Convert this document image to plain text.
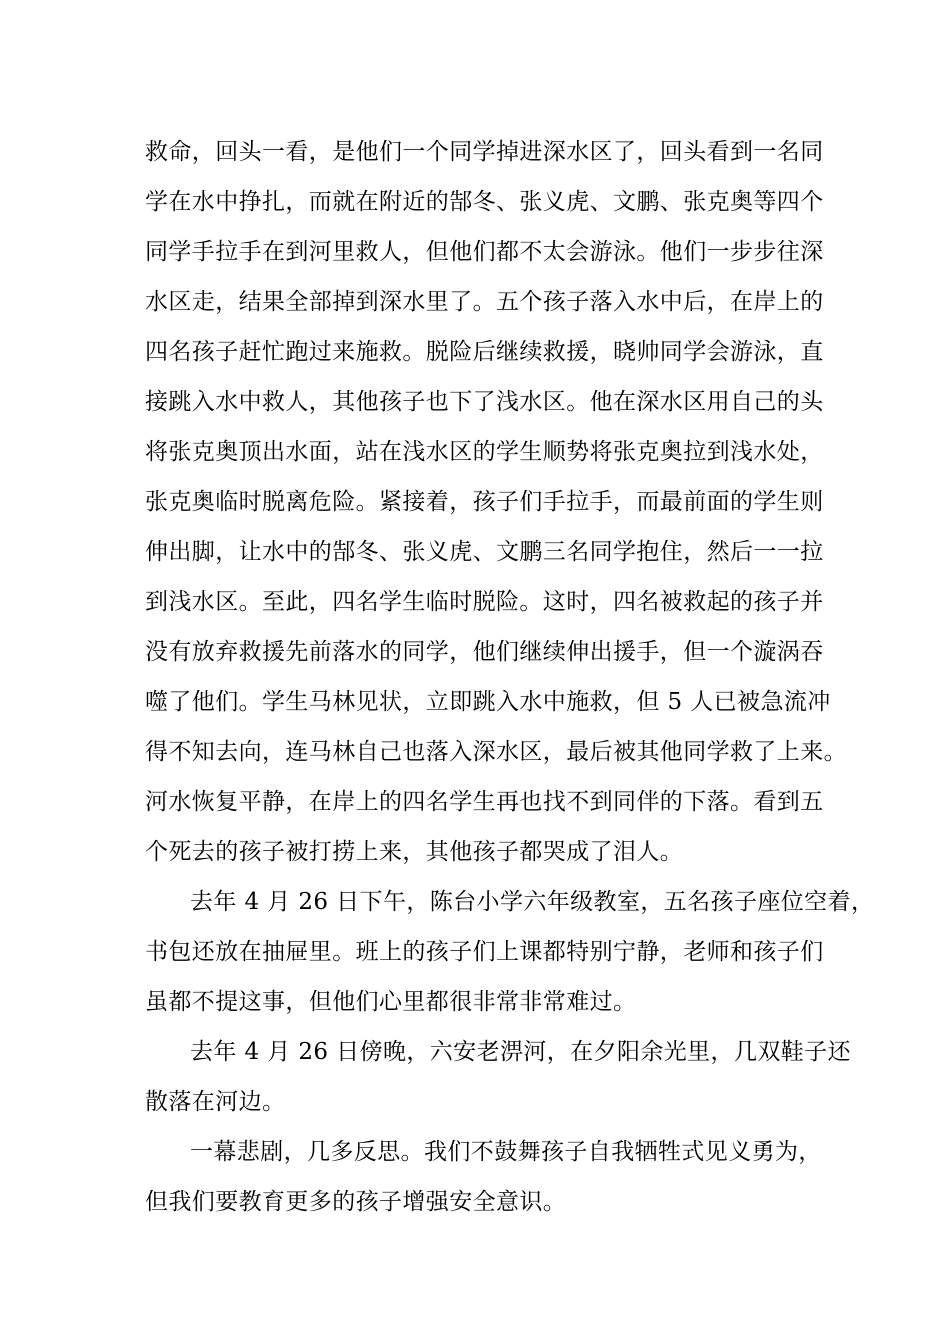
救命，回头一看，是他们一个同学掉进深水区了，回头看到一名同
学在水中挣扎，而就在附近的郜冬、张义虎、文鹏、张克奥等四个
同学手拉手在到河里救人，但他们都不太会游泳。他们一步步往深
水区走，结果全部掉到深水里了。五个孩子落入水中后，在岸上的
四名孩子赶忙跑过来施救。脱险后继续救援，晓帅同学会游泳，直
接跳入水中救人，其他孩子也下了浅水区。他在深水区用自己的头
将张克奥顶出水面，站在浅水区的学生顺势将张克奥拉到浅水处，
张克奥临时脱离危险。紧接着，孩子们手拉手，而最前面的学生则
伸出脚，让水中的郜冬、张义虎、文鹏三名同学抱住，然后一一拉
到浅水区。至此，四名学生临时脱险。这时，四名被救起的孩子并
没有放弃救援先前落水的同学，他们继续伸出援手，但一个漩涡吞
噬了他们。学生马林见状，立即跳入水中施救，但 5 人已被急流冲
得不知去向，连马林自己也落入深水区，最后被其他同学救了上来。
河水恢复平静，在岸上的四名学生再也找不到同伴的下落。看到五
个死去的孩子被打捞上来，其他孩子都哭成了泪人。
去年 4 月 26 日下午，陈台小学六年级教室，五名孩子座位空着，
书包还放在抽屉里。班上的孩子们上课都特别宁静，老师和孩子们
虽都不提这事，但他们心里都很非常非常难过。
去年 4 月 26 日傍晚，六安老淠河，在夕阳余光里，几双鞋子还
散落在河边。
一幕悲剧，几多反思。我们不鼓舞孩子自我牺牲式见义勇为，
但我们要教育更多的孩子增强安全意识。
